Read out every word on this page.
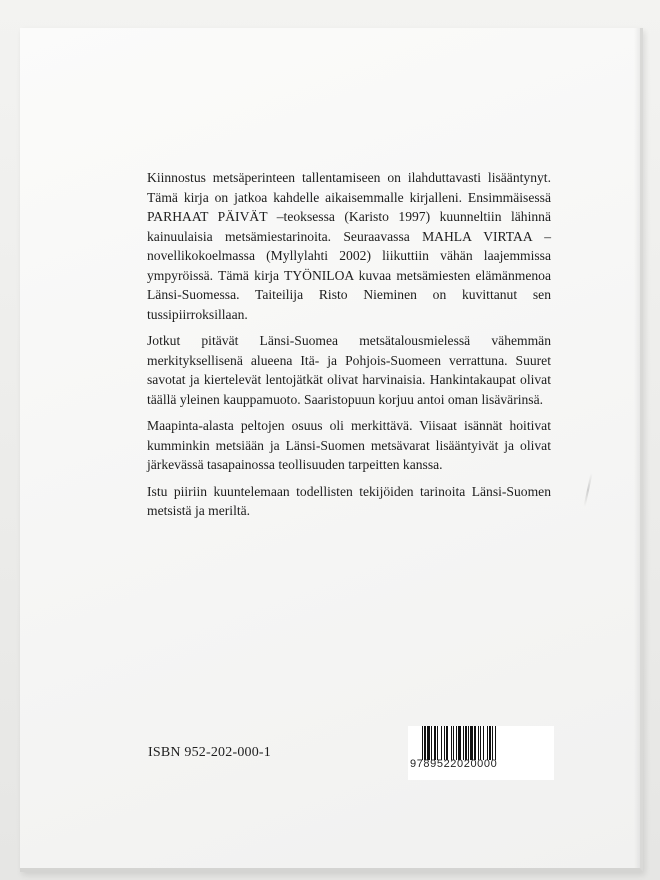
Kiinnostus metsäperinteen tallentamiseen on ilahduttavasti lisääntynyt. Tämä kirja on jatkoa kahdelle aikaisemmalle kirjalleni. Ensimmäisessä PARHAAT PÄIVÄT –teoksessa (Karisto 1997) kuunneltiin lähinnä kainuulaisia metsämiestarinoita. Seuraavassa MAHLA VIRTAA –novellikokoelmassa (Myllylahti 2002) liikuttiin vähän laajemmissa ympyröissä. Tämä kirja TYÖNILOA kuvaa metsämiesten elämänmenoa Länsi-Suomessa. Taiteilija Risto Nieminen on kuvittanut sen tussipiirroksillaan.

Jotkut pitävät Länsi-Suomea metsätalousmielessä vähemmän merkityksellisenä alueena Itä- ja Pohjois-Suomeen verrattuna. Suuret savotat ja kiertelevät lentojätkät olivat harvinaisia. Hankintakaupat olivat täällä yleinen kauppamuoto. Saaristopuun korjuu antoi oman lisävärinsä.

Maapinta-alasta peltojen osuus oli merkittävä. Viisaat isännät hoitivat kumminkin metsiään ja Länsi-Suomen metsävarat lisääntyivät ja olivat järkevässä tasapainossa teollisuuden tarpeitten kanssa.

Istu piiriin kuuntelemaan todellisten tekijöiden tarinoita Länsi-Suomen metsistä ja meriltä.

ISBN 952-202-000-1
9789522020000
